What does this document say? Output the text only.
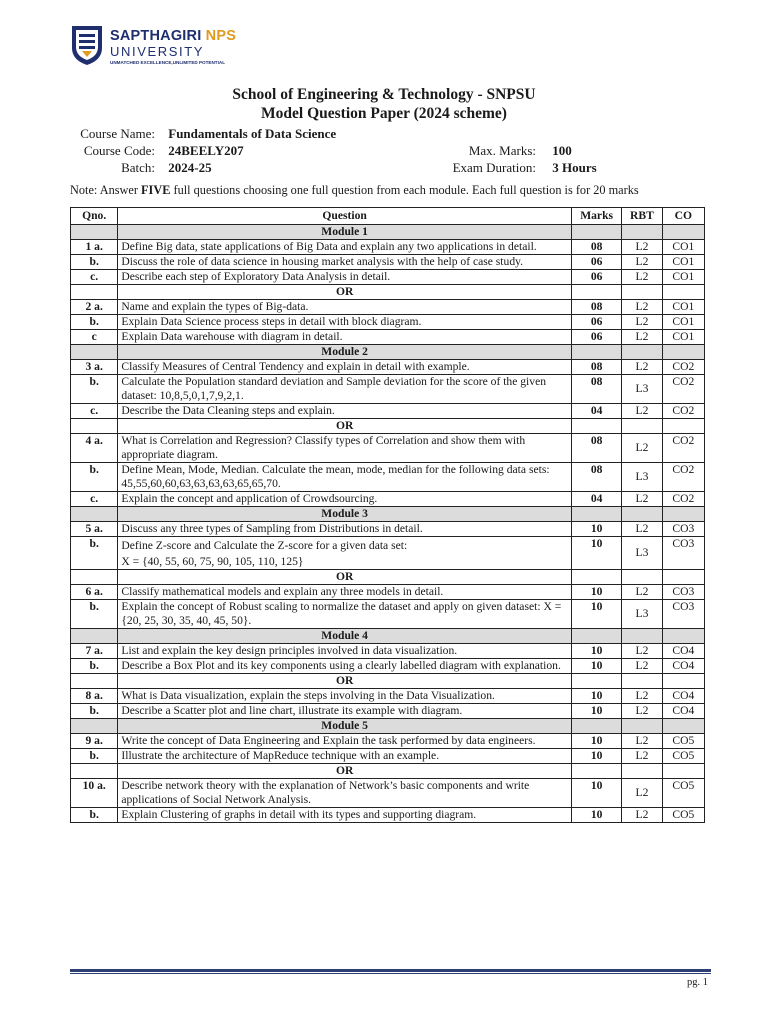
SAPTHAGIRI NPS
UNIVERSITY
UNMATCHED EXCELLENCE,UNLIMITED POTENTIAL
School of Engineering & Technology - SNPSU
Model Question Paper (2024 scheme)
Course Name: Fundamentals of Data Science
Course Code: 24BEELY207
Batch: 2024-25
Max. Marks: 100
Exam Duration: 3 Hours
Note: Answer FIVE full questions choosing one full question from each module. Each full question is for 20 marks
Qno.	Question	Marks	RBT	CO
	Module 1			
1 a.	Define Big data, state applications of Big Data and explain any two applications in detail.	08	L2	CO1
b.	Discuss the role of data science in housing market analysis with the help of case study.	06	L2	CO1
c.	Describe each step of Exploratory Data Analysis in detail.	06	L2	CO1
	OR			
2 a.	Name and explain the types of Big-data.	08	L2	CO1
b.	Explain Data Science process steps in detail with block diagram.	06	L2	CO1
c	Explain Data warehouse with diagram in detail.	06	L2	CO1
	Module 2			
3 a.	Classify Measures of Central Tendency and explain in detail with example.	08	L2	CO2
b.	Calculate the Population standard deviation and Sample deviation for the score of the given dataset: 10,8,5,0,1,7,9,2,1.	08	L3	CO2
c.	Describe the Data Cleaning steps and explain.	04	L2	CO2
	OR			
4 a.	What is Correlation and Regression? Classify types of Correlation and show them with appropriate diagram.	08	L2	CO2
b.	Define Mean, Mode, Median. Calculate the mean, mode, median for the following data sets: 45,55,60,60,63,63,63,63,65,65,70.	08	L3	CO2
c.	Explain the concept and application of Crowdsourcing.	04	L2	CO2
	Module 3			
5 a.	Discuss any three types of Sampling from Distributions in detail.	10	L2	CO3
b.	Define Z-score and Calculate the Z-score for a given data set:
X = {40, 55, 60, 75, 90, 105, 110, 125}	10	L3	CO3
	OR			
6 a.	Classify mathematical models and explain any three models in detail.	10	L2	CO3
b.	Explain the concept of Robust scaling to normalize the dataset and apply on given dataset: X = {20, 25, 30, 35, 40, 45, 50}.	10	L3	CO3
	Module 4			
7 a.	List and explain the key design principles involved in data visualization.	10	L2	CO4
b.	Describe a Box Plot and its key components using a clearly labelled diagram with explanation.	10	L2	CO4
	OR			
8 a.	What is Data visualization, explain the steps involving in the Data Visualization.	10	L2	CO4
b.	Describe a Scatter plot and line chart, illustrate its example with diagram.	10	L2	CO4
	Module 5			
9 a.	Write the concept of Data Engineering and Explain the task performed by data engineers.	10	L2	CO5
b.	Illustrate the architecture of MapReduce technique with an example.	10	L2	CO5
	OR			
10 a.	Describe network theory with the explanation of Network’s basic components and write applications of Social Network Analysis.	10	L2	CO5
b.	Explain Clustering of graphs in detail with its types and supporting diagram.	10	L2	CO5
pg. 1
